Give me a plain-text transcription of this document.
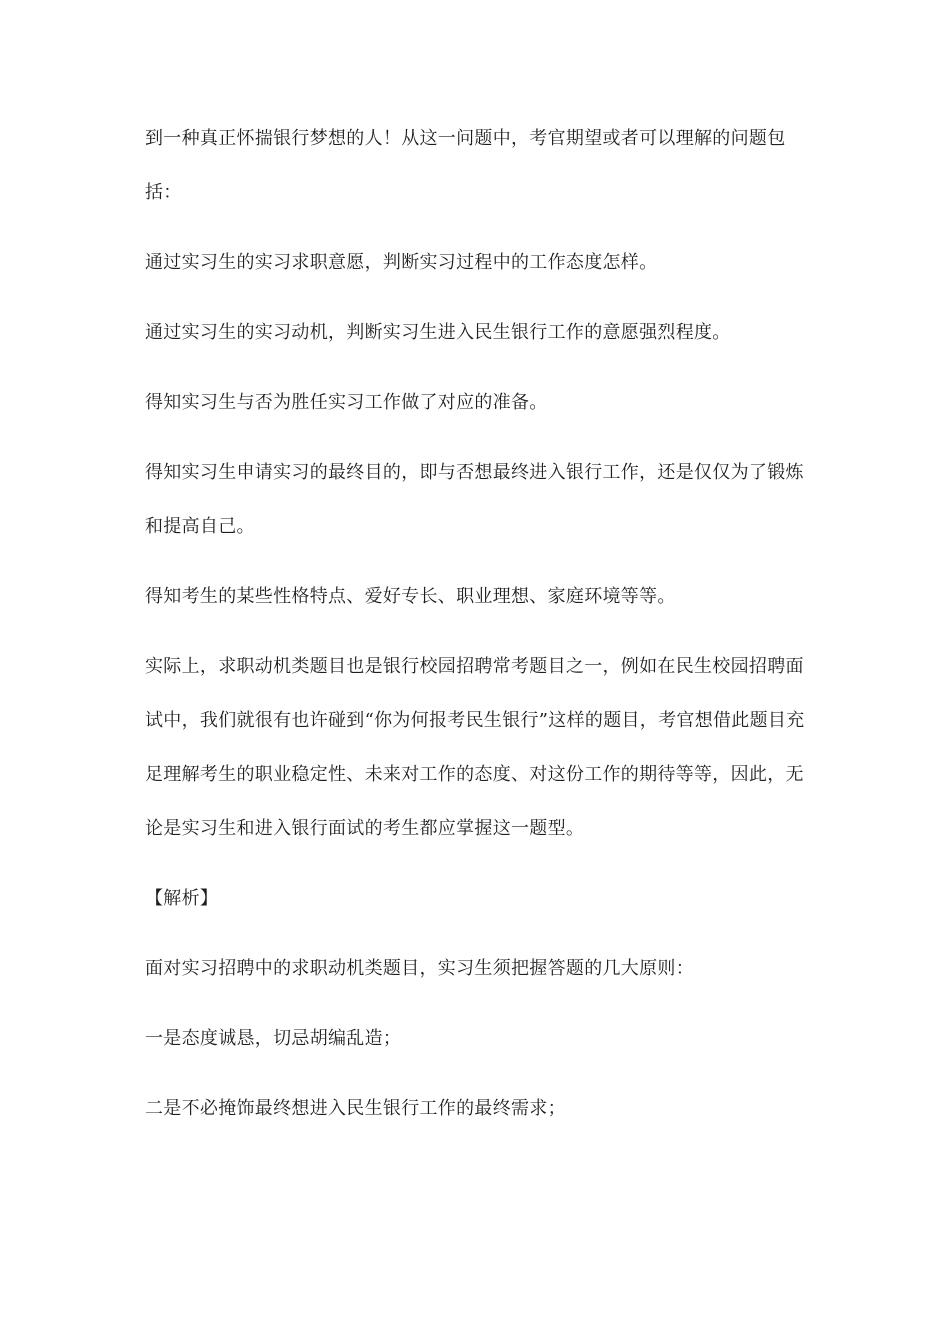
到一种真正怀揣银行梦想的人！从这一问题中，考官期望或者可以理解的问题包括：

通过实习生的实习求职意愿，判断实习过程中的工作态度怎样。

通过实习生的实习动机，判断实习生进入民生银行工作的意愿强烈程度。

得知实习生与否为胜任实习工作做了对应的准备。

得知实习生申请实习的最终目的，即与否想最终进入银行工作，还是仅仅为了锻炼和提高自己。

得知考生的某些性格特点、爱好专长、职业理想、家庭环境等等。

实际上，求职动机类题目也是银行校园招聘常考题目之一，例如在民生校园招聘面试中，我们就很有也许碰到“你为何报考民生银行”这样的题目，考官想借此题目充足理解考生的职业稳定性、未来对工作的态度、对这份工作的期待等等，因此，无论是实习生和进入银行面试的考生都应掌握这一题型。

【解析】

面对实习招聘中的求职动机类题目，实习生须把握答题的几大原则：

一是态度诚恳，切忌胡编乱造；

二是不必掩饰最终想进入民生银行工作的最终需求；
